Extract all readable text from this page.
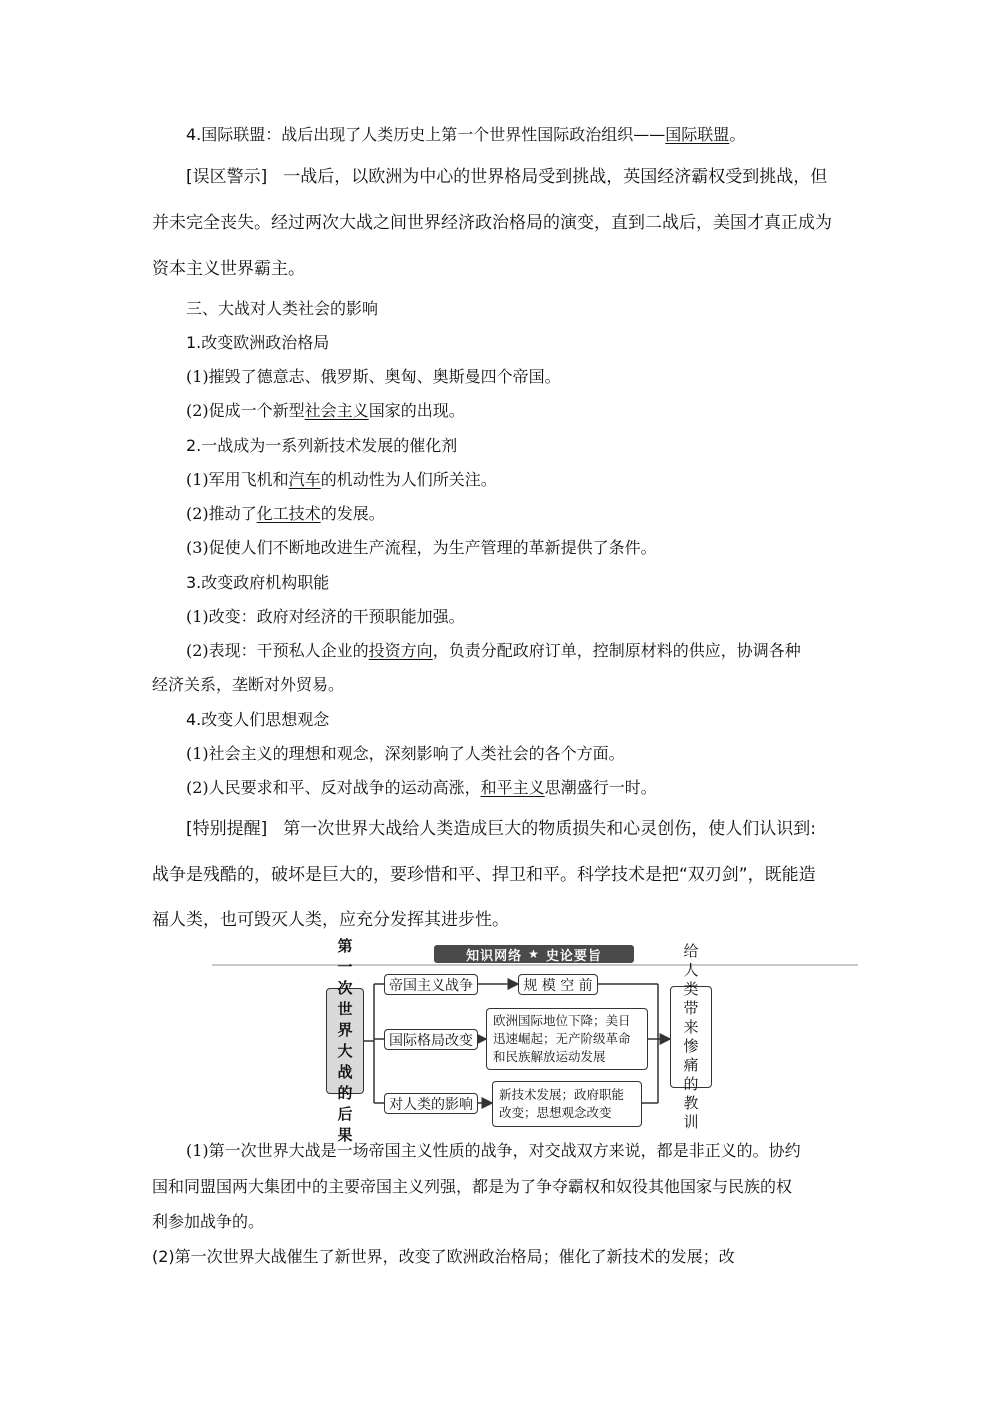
4.国际联盟：战后出现了人类历史上第一个世界性国际政治组织——国际联盟。
[误区警示] 一战后，以欧洲为中心的世界格局受到挑战，英国经济霸权受到挑战，但
并未完全丧失。经过两次大战之间世界经济政治格局的演变，直到二战后，美国才真正成为
资本主义世界霸主。
三、大战对人类社会的影响
1.改变欧洲政治格局
(1)摧毁了德意志、俄罗斯、奥匈、奥斯曼四个帝国。
(2)促成一个新型社会主义国家的出现。
2.一战成为一系列新技术发展的催化剂
(1)军用飞机和汽车的机动性为人们所关注。
(2)推动了化工技术的发展。
(3)促使人们不断地改进生产流程，为生产管理的革新提供了条件。
3.改变政府机构职能
(1)改变：政府对经济的干预职能加强。
(2)表现：干预私人企业的投资方向，负责分配政府订单，控制原材料的供应，协调各种
经济关系，垄断对外贸易。
4.改变人们思想观念
(1)社会主义的理想和观念，深刻影响了人类社会的各个方面。
(2)人民要求和平、反对战争的运动高涨，和平主义思潮盛行一时。
[特别提醒] 第一次世界大战给人类造成巨大的物质损失和心灵创伤，使人们认识到:
战争是残酷的，破坏是巨大的，要珍惜和平、捍卫和平。科学技术是把“双刃剑”，既能造
福人类，也可毁灭人类，应充分发挥其进步性。
知识网络 ★ 史论要旨
第一
次世
界大
战的
后果
帝国主义战争	规 模 空 前
国际格局改变
欧洲国际地位下降；美日迅速崛起；无产阶级革命和民族解放运动发展
对人类的影响
新技术发展；政府职能改变；思想观念改变
给人
类带
来惨
痛的
教训
(1)第一次世界大战是一场帝国主义性质的战争，对交战双方来说，都是非正义的。协约
国和同盟国两大集团中的主要帝国主义列强，都是为了争夺霸权和奴役其他国家与民族的权
利参加战争的。
(2)第一次世界大战催生了新世界，改变了欧洲政治格局；催化了新技术的发展；改
